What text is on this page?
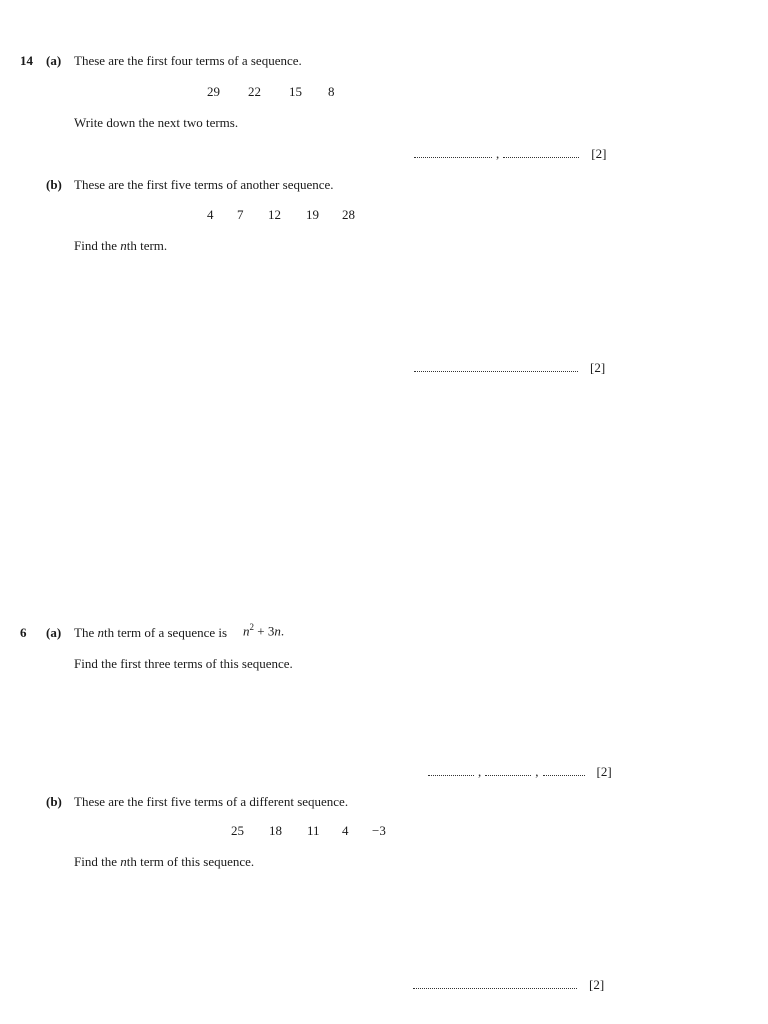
14 (a) These are the first four terms of a sequence.
29 22 15 8
Write down the next two terms.
,	[2]
(b) These are the first five terms of another sequence.
4 7 12 19 28
Find the nth term.
[2]
6 (a) The nth term of a sequence is $n^2 + 3n$.
Find the first three terms of this sequence.
,	,	[2]
(b) These are the first five terms of a different sequence.
25 18 11 4 −3
Find the nth term of this sequence.
[2]
